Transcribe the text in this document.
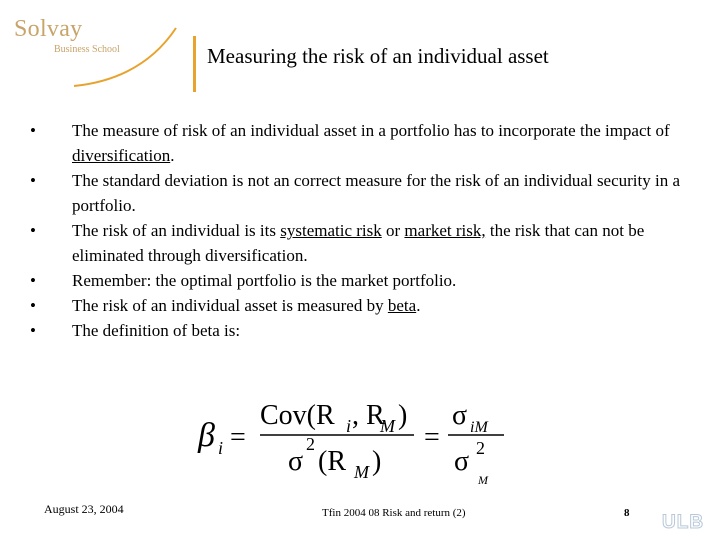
Solvay
Business School	Measuring the risk of an individual asset
• The measure of risk of an individual asset in a portfolio has to incorporate the impact of diversification.
• The standard deviation is not an correct measure for the risk of an individual security in a portfolio.
• The risk of an individual is its systematic risk or market risk, the risk that can not be eliminated through diversification.
• Remember: the optimal portfolio is the market portfolio.
• The risk of an individual asset is measured by beta.
• The definition of beta is:
β i =
Cov(R i , R
M )
σ
2
(R M )
=
σ iM
σ 2
M
August 23, 2004	Tfin 2004 08 Risk and return (2)	8 ULB
